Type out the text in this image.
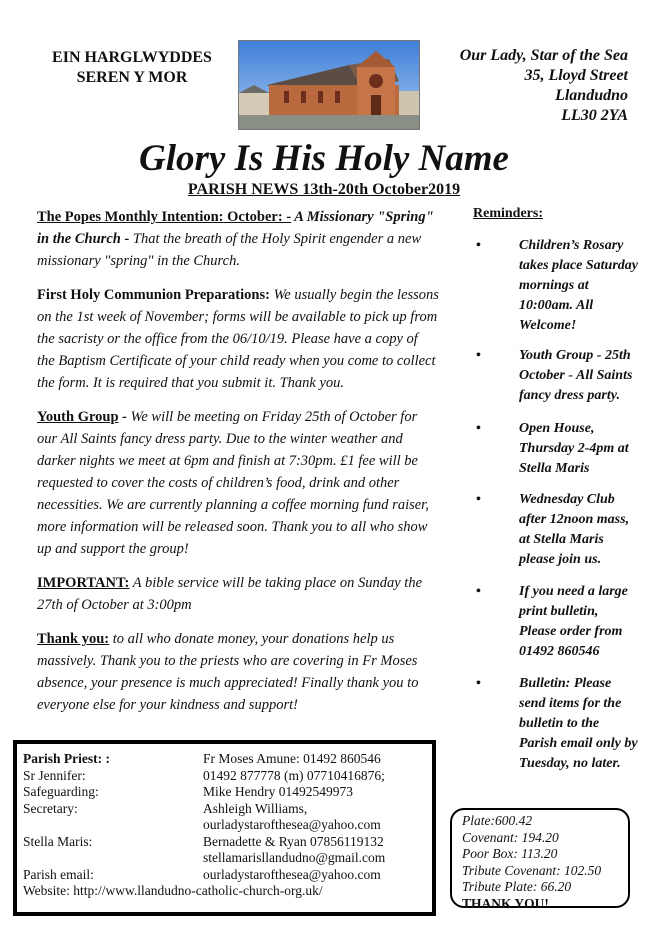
EIN HARGLWYDDES
SEREN Y MOR
Our Lady, Star of the Sea
35, Lloyd Street
Llandudno
LL30 2YA
Glory Is His Holy Name
PARISH NEWS 13th-20th October2019

The Popes Monthly Intention: October: - A Missionary "Spring" in the Church - That the breath of the Holy Spirit engender a new missionary "spring" in the Church.

First Holy Communion Preparations: We usually begin the lessons on the 1st week of November; forms will be available to pick up from the sacristy or the office from the 06/10/19. Please have a copy of the Baptism Certificate of your child ready when you come to collect the form. It is required that you submit it. Thank you.

Youth Group - We will be meeting on Friday 25th of October for our All Saints fancy dress party. Due to the winter weather and darker nights we meet at 6pm and finish at 7:30pm. £1 fee will be requested to cover the costs of children’s food, drink and other necessities. We are currently planning a coffee morning fund raiser, more information will be released soon. Thank you to all who show up and support the group!

IMPORTANT: A bible service will be taking place on Sunday the 27th of October at 3:00pm

Thank you: to all who donate money, your donations help us massively. Thank you to the priests who are covering in Fr Moses absence, your presence is much appreciated! Finally thank you to everyone else for your kindness and support!

Reminders:
•	Children’s Rosary takes place Saturday mornings at 10:00am. All Welcome!
•	Youth Group - 25th October - All Saints fancy dress party.
•	Open House, Thursday 2-4pm at Stella Maris
•	Wednesday Club after 12noon mass, at Stella Maris please join us.
•	If you need a large print bulletin, Please order from 01492 860546
•	Bulletin: Please send items for the bulletin to the Parish email only by Tuesday, no later.
Parish Priest: :	Fr Moses Amune: 01492 860546
Sr Jennifer:	01492 877778 (m) 07710416876;
Safeguarding:	Mike Hendry 01492549973
Secretary:	Ashleigh Williams,
ourladystaroftheseа@yahoo.com
Stella Maris:	Bernadette & Ryan 07856119132
stellamarisllandudno@gmail.com
Parish email:	ourladystaroftheseа@yahoo.com
Website: http://www.llandudno-catholic-church-org.uk/
Plate:600.42
Covenant: 194.20
Poor Box: 113.20
Tribute Covenant: 102.50
Tribute Plate: 66.20
THANK YOU!
